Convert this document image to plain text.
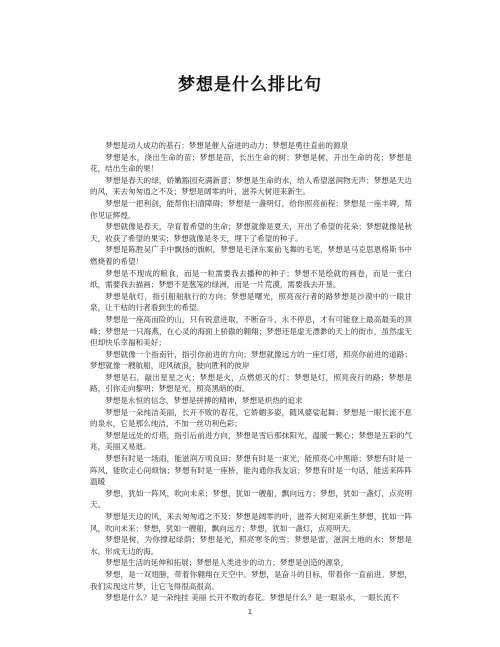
梦想是什么排比句

梦想是动人成功的基石；梦想是催人奋进的动力；梦想是勇往直前的源泉

梦想是水，浇出生命的苗；梦想是苗，长出生命的树；梦想是树，开出生命的花；梦想是花，结出生命的果！

梦想是春天的绿，娇嫩豁园充满新意；梦想是生命的水，给人希望滋润物无声；梦想是天边的风，来去匆匆逍之不及；梦想是阔零的叶，滋养大树迎来新生。

梦想是一把利剑，能帮你扫清障碍；梦想是一盏明灯，给你照亮前程；梦想是一座丰碑，帮你见证辉煌。

梦想就像是春天，孕育着希望的生命；梦想就像是夏天，开出了希望的花朵；梦想就像是秋天，收获了希望的果实；梦想就像是冬天，埋下了希望的种子。

梦想是陈胜吴广手中飘扬的旗帜，梦想是毛泽东案前飞舞的毛笔，梦想是马克思恩格斯书中燃烧着的希望！

梦想是不现成的粮食，而是一粒需要我去播种的种子；梦想不是绘就的画卷，而是一张白纸，需要我去描画；梦想不是葱笼的绿洲，而是一片荒漠，需要我去开垦。

梦想是航灯，指引船舶航行的方向；梦想是曙光，照亮夜行者的路梦想是沙漠中的一眼甘泉，让干枯的行者看到生的希望。

梦想是一座高而险的山，只有锐意进取，不断奋斗，永不停息，才有可能登上最高最美的顶峰；梦想是一只海燕，在心灵的海面上骄傲的翱翔；梦想还是虚无漂渺的天上的街市，虽然虚无但却快乐幸福和美好；

梦想就像一个指南针，指引你前进的方向；梦想就像远方的一座灯塔，照亮你前进的道路；梦想就像一艘航船，迎风破浪，驶向胜利的彼岸

梦想是石，敲出星星之火；梦想是火，点燃熄灭的灯；梦想是灯，照亮夜行的路；梦想是路，引你走向黎明；梦想是光，照亮黑暗的街。

梦想是永恒的信念，梦想是拼搏的精神，梦想是炽热的追求

梦想是一朵纯洁美丽，长开不败的春花，它娇媚多姿，随风婆娑起舞；梦想是一眼长流不息的泉水，它是那么纯洁，不加一丝功利色彩；

梦想是远处的灯塔，指引后前进方向，梦想是雪后那抹阳光，温暖一颗心；梦想是五彩的气兆，美丽又易逝。

梦想有时是一场雨，能滋润万顷良田；梦想有时是一束光，能照亮心中黑暗；梦想有时是一阵风，能吹走心间烦恼；梦想有时是一座桥，能沟通你我友谊；梦想有时是一句话，能送来阵阵温暖

梦想，犹如一阵风，吹向未来；梦想，犹如一艘船，飘向远方；梦想，犹如一盏灯，点亮明天。

梦想是天边的风，来去匆匆逍之不及；梦想是阔零的叶，滋养大树迎来新生梦想，犹如一阵风，吹向未来；梦想，犹如一艘船，飘向远方；梦想，犹如一盏灯，点亮明天。

梦想是树，为你撑起绿荫；梦想是光，照亮寒冬的雪；梦想是雷，滋润土地的水；梦想是水，形成无边的海。

梦想是生活的延伸和拓展；梦想是人类进步的动力；梦想是创造的源泉，

梦想，是一双翅膀，带着你翱翔在天空中。梦想，是奋斗的目标，带着你一直前进。梦想，我们实现这片梦，让它飞得很高很高。

梦想是什么？是一朵纯挂 美丽 长开不败的春花。梦想是什么？是一眼泉水，一眼长流不

1
